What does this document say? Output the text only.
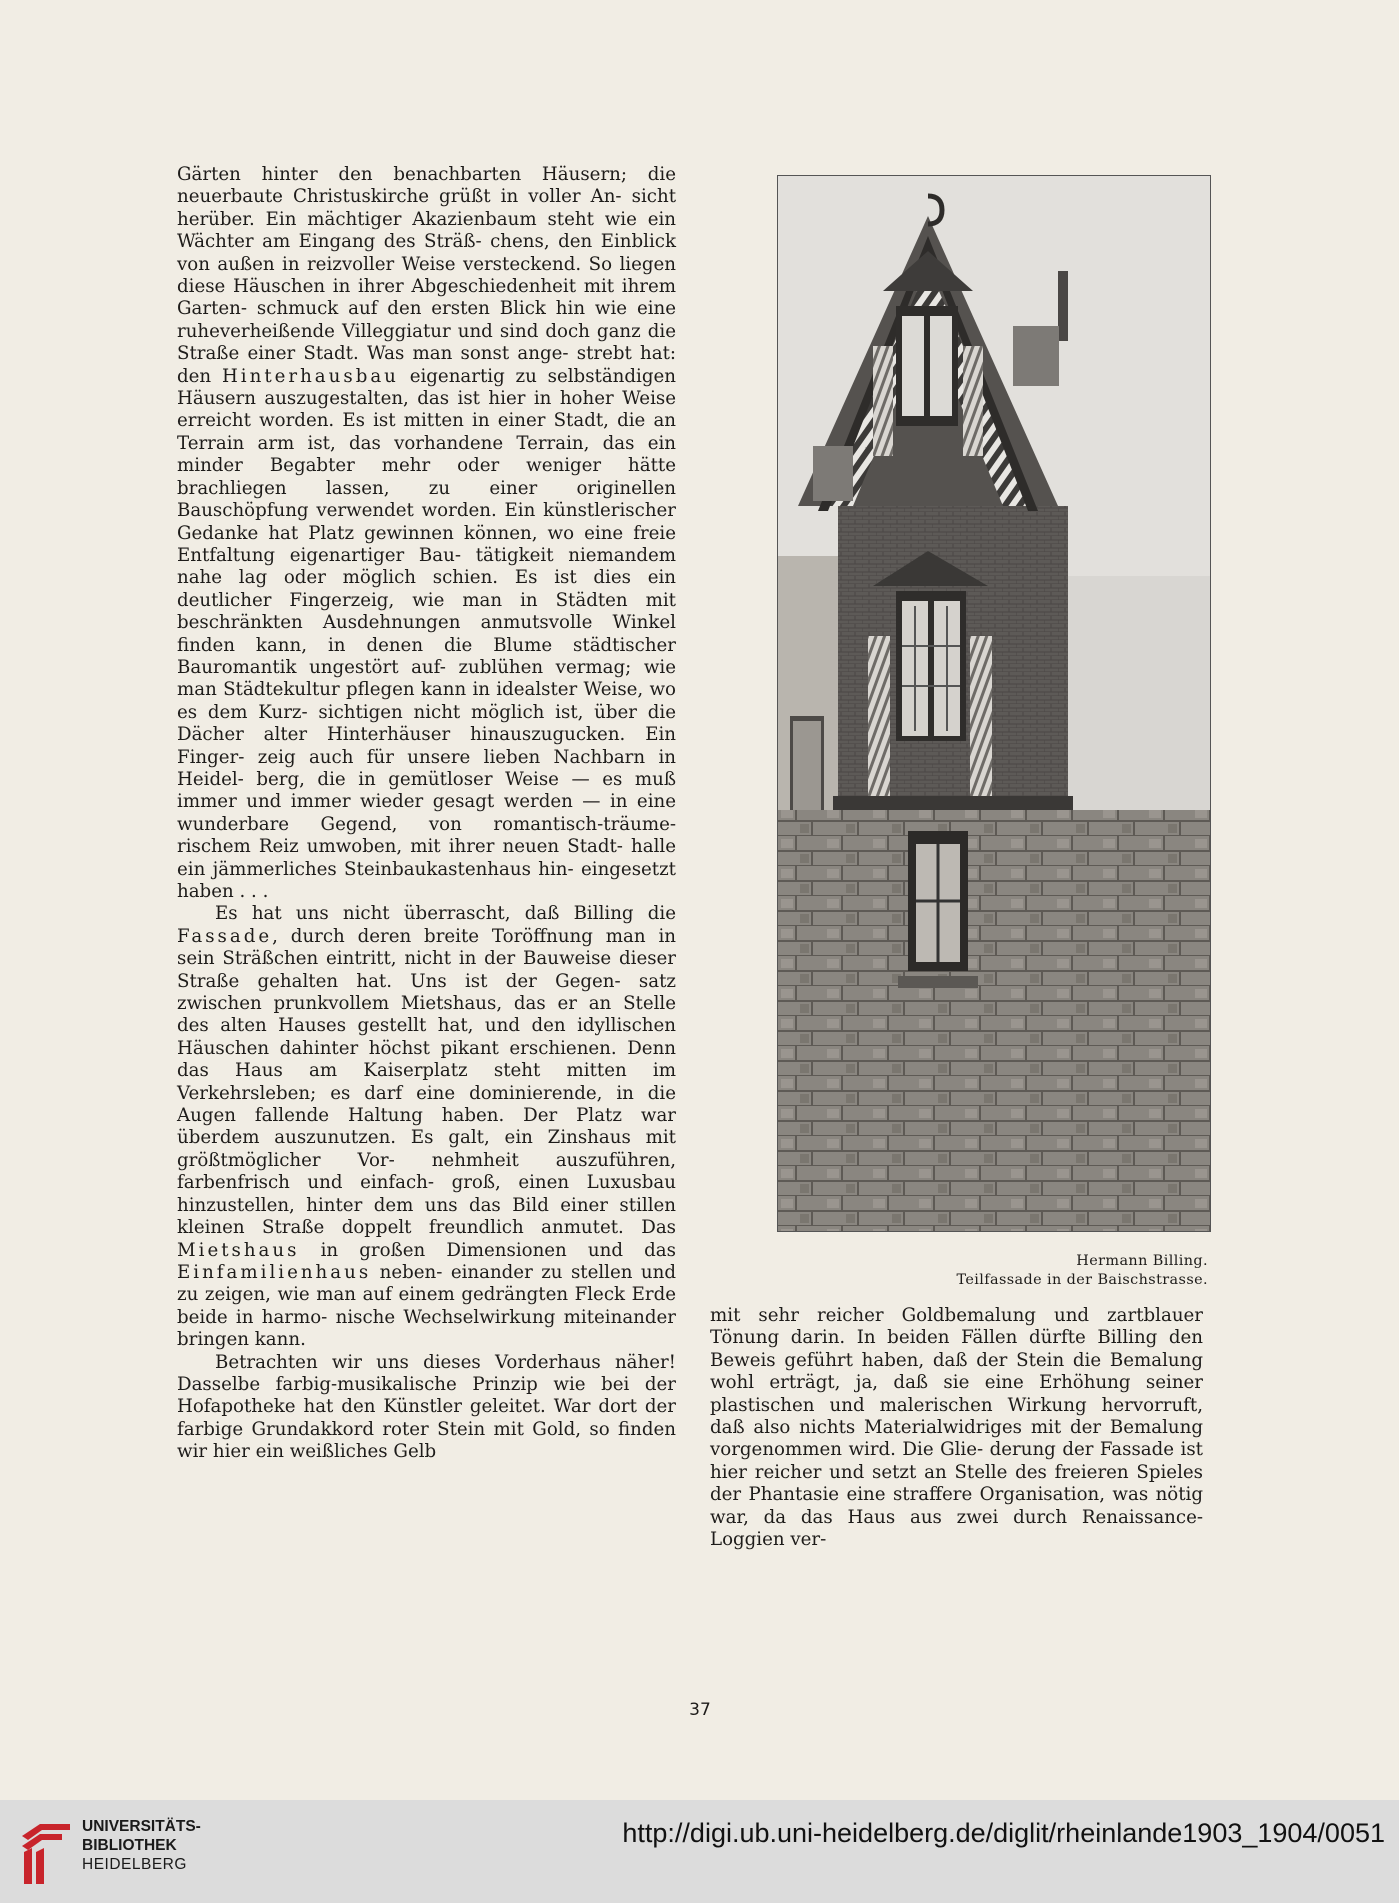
Gärten hinter den benachbarten Häusern; die neuerbaute Christuskirche grüßt in voller An- sicht herüber. Ein mächtiger Akazienbaum steht wie ein Wächter am Eingang des Sträß- chens, den Einblick von außen in reizvoller Weise versteckend. So liegen diese Häuschen in ihrer Abgeschiedenheit mit ihrem Garten- schmuck auf den ersten Blick hin wie eine ruheverheißende Villeggiatur und sind doch ganz die Straße einer Stadt. Was man sonst ange- strebt hat: den Hinterhausbau eigenartig zu selbständigen Häusern auszugestalten, das ist hier in hoher Weise erreicht worden. Es ist mitten in einer Stadt, die an Terrain arm ist, das vorhandene Terrain, das ein minder Begabter mehr oder weniger hätte brachliegen lassen, zu einer originellen Bauschöpfung verwendet worden. Ein künstlerischer Gedanke hat Platz gewinnen können, wo eine freie Entfaltung eigenartiger Bau- tätigkeit niemandem nahe lag oder möglich schien. Es ist dies ein deutlicher Fingerzeig, wie man in Städten mit beschränkten Ausdehnungen anmutsvolle Winkel finden kann, in denen die Blume städtischer Bauromantik ungestört auf- zublühen vermag; wie man Städtekultur pflegen kann in idealster Weise, wo es dem Kurz- sichtigen nicht möglich ist, über die Dächer alter Hinterhäuser hinauszugucken. Ein Finger- zeig auch für unsere lieben Nachbarn in Heidel- berg, die in gemütloser Weise — es muß immer und immer wieder gesagt werden — in eine wunderbare Gegend, von romantisch-träume- rischem Reiz umwoben, mit ihrer neuen Stadt- halle ein jämmerliches Steinbaukastenhaus hin- eingesetzt haben . . .

Es hat uns nicht überrascht, daß Billing die Fassade, durch deren breite Toröffnung man in sein Sträßchen eintritt, nicht in der Bauweise dieser Straße gehalten hat. Uns ist der Gegen- satz zwischen prunkvollem Mietshaus, das er an Stelle des alten Hauses gestellt hat, und den idyllischen Häuschen dahinter höchst pikant erschienen. Denn das Haus am Kaiserplatz steht mitten im Verkehrsleben; es darf eine dominierende, in die Augen fallende Haltung haben. Der Platz war überdem auszunutzen. Es galt, ein Zinshaus mit größtmöglicher Vor- nehmheit auszuführen, farbenfrisch und einfach- groß, einen Luxusbau hinzustellen, hinter dem uns das Bild einer stillen kleinen Straße doppelt freundlich anmutet. Das Mietshaus in großen Dimensionen und das Einfamilienhaus neben- einander zu stellen und zu zeigen, wie man auf einem gedrängten Fleck Erde beide in harmo- nische Wechselwirkung miteinander bringen kann.

Betrachten wir uns dieses Vorderhaus näher! Dasselbe farbig-musikalische Prinzip wie bei der Hofapotheke hat den Künstler geleitet. War dort der farbige Grundakkord roter Stein mit Gold, so finden wir hier ein weißliches Gelb

Hermann Billing.
Teilfassade in der Baischstrasse.

mit sehr reicher Goldbemalung und zartblauer Tönung darin. In beiden Fällen dürfte Billing den Beweis geführt haben, daß der Stein die Bemalung wohl erträgt, ja, daß sie eine Erhöhung seiner plastischen und malerischen Wirkung hervorruft, daß also nichts Materialwidriges mit der Bemalung vorgenommen wird. Die Glie- derung der Fassade ist hier reicher und setzt an Stelle des freieren Spieles der Phantasie eine straffere Organisation, was nötig war, da das Haus aus zwei durch Renaissance-Loggien ver-

37
UNIVERSITÄTS-
BIBLIOTHEK
HEIDELBERG
http://digi.ub.uni-heidelberg.de/diglit/rheinlande1903_1904/0051
